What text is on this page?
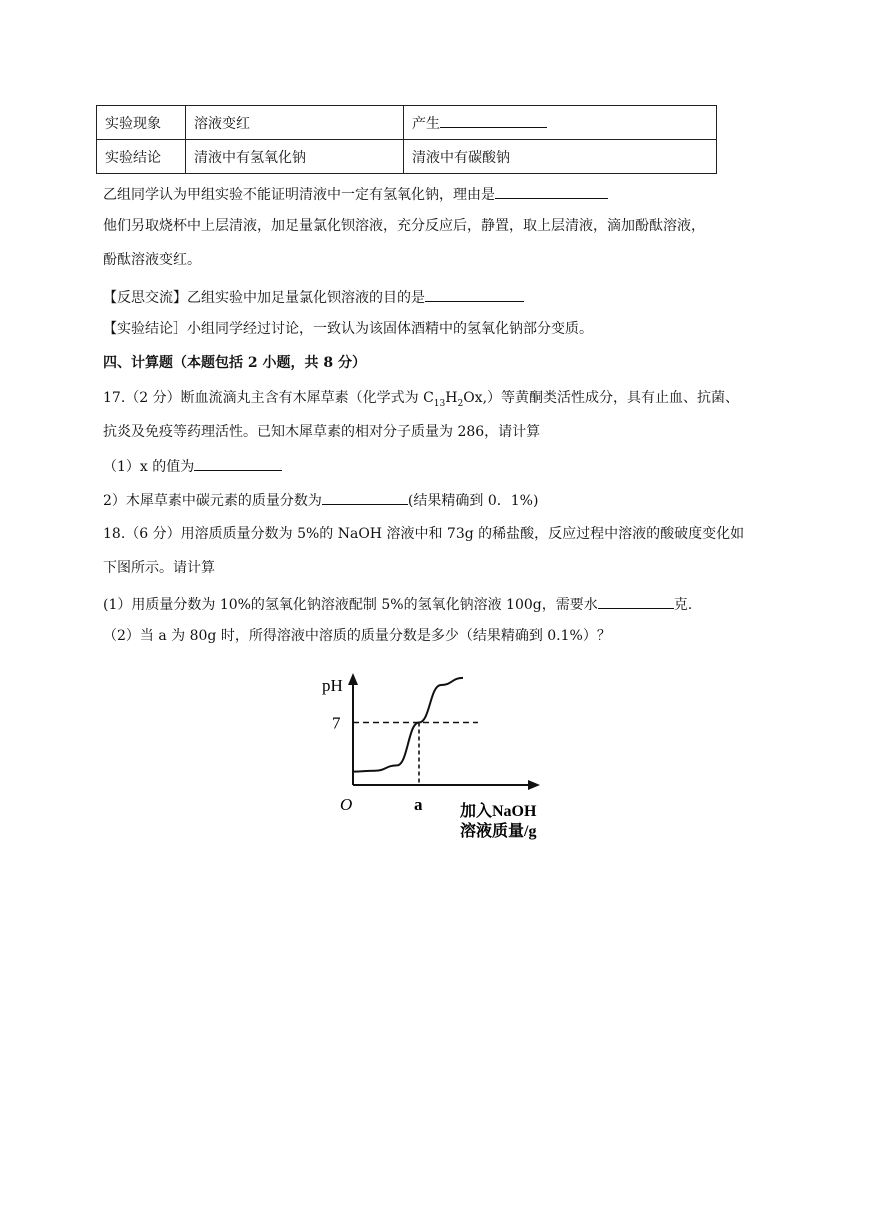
实验现象	溶液变红	产生
实验结论	清液中有氢氧化钠	清液中有碳酸钠
乙组同学认为甲组实验不能证明清液中一定有氢氧化钠，理由是
他们另取烧杯中上层清液，加足量氯化钡溶液，充分反应后，静置，取上层清液，滴加酚酞溶液，
酚酞溶液变红。
【反思交流】乙组实验中加足量氯化钡溶液的目的是
【实验结论］小组同学经过讨论，一致认为该固体酒精中的氢氧化钠部分变质。
四、计算题（本题包括 2 小题，共 8 分）
17.（2 分）断血流滴丸主含有木犀草素（化学式为 $C_{13}H_2Ox$,）等黄酮类活性成分，具有止血、抗菌、
抗炎及免疫等药理活性。已知木犀草素的相对分子质量为 286，请计算
（1）x 的值为
2）木犀草素中碳元素的质量分数为	(结果精确到 0．1%)
18.（6 分）用溶质质量分数为 5%的 NaOH 溶液中和 73g 的稀盐酸，反应过程中溶液的酸破度变化如
下图所示。请计算
(1）用质量分数为 10%的氢氧化钠溶液配制 5%的氢氧化钠溶液 100g，需要水	克.
（2）当 a 为 80g 时，所得溶液中溶质的质量分数是多少（结果精确到 0.1%）？
pH
7
O	a 加入NaOH
溶液质量/g
